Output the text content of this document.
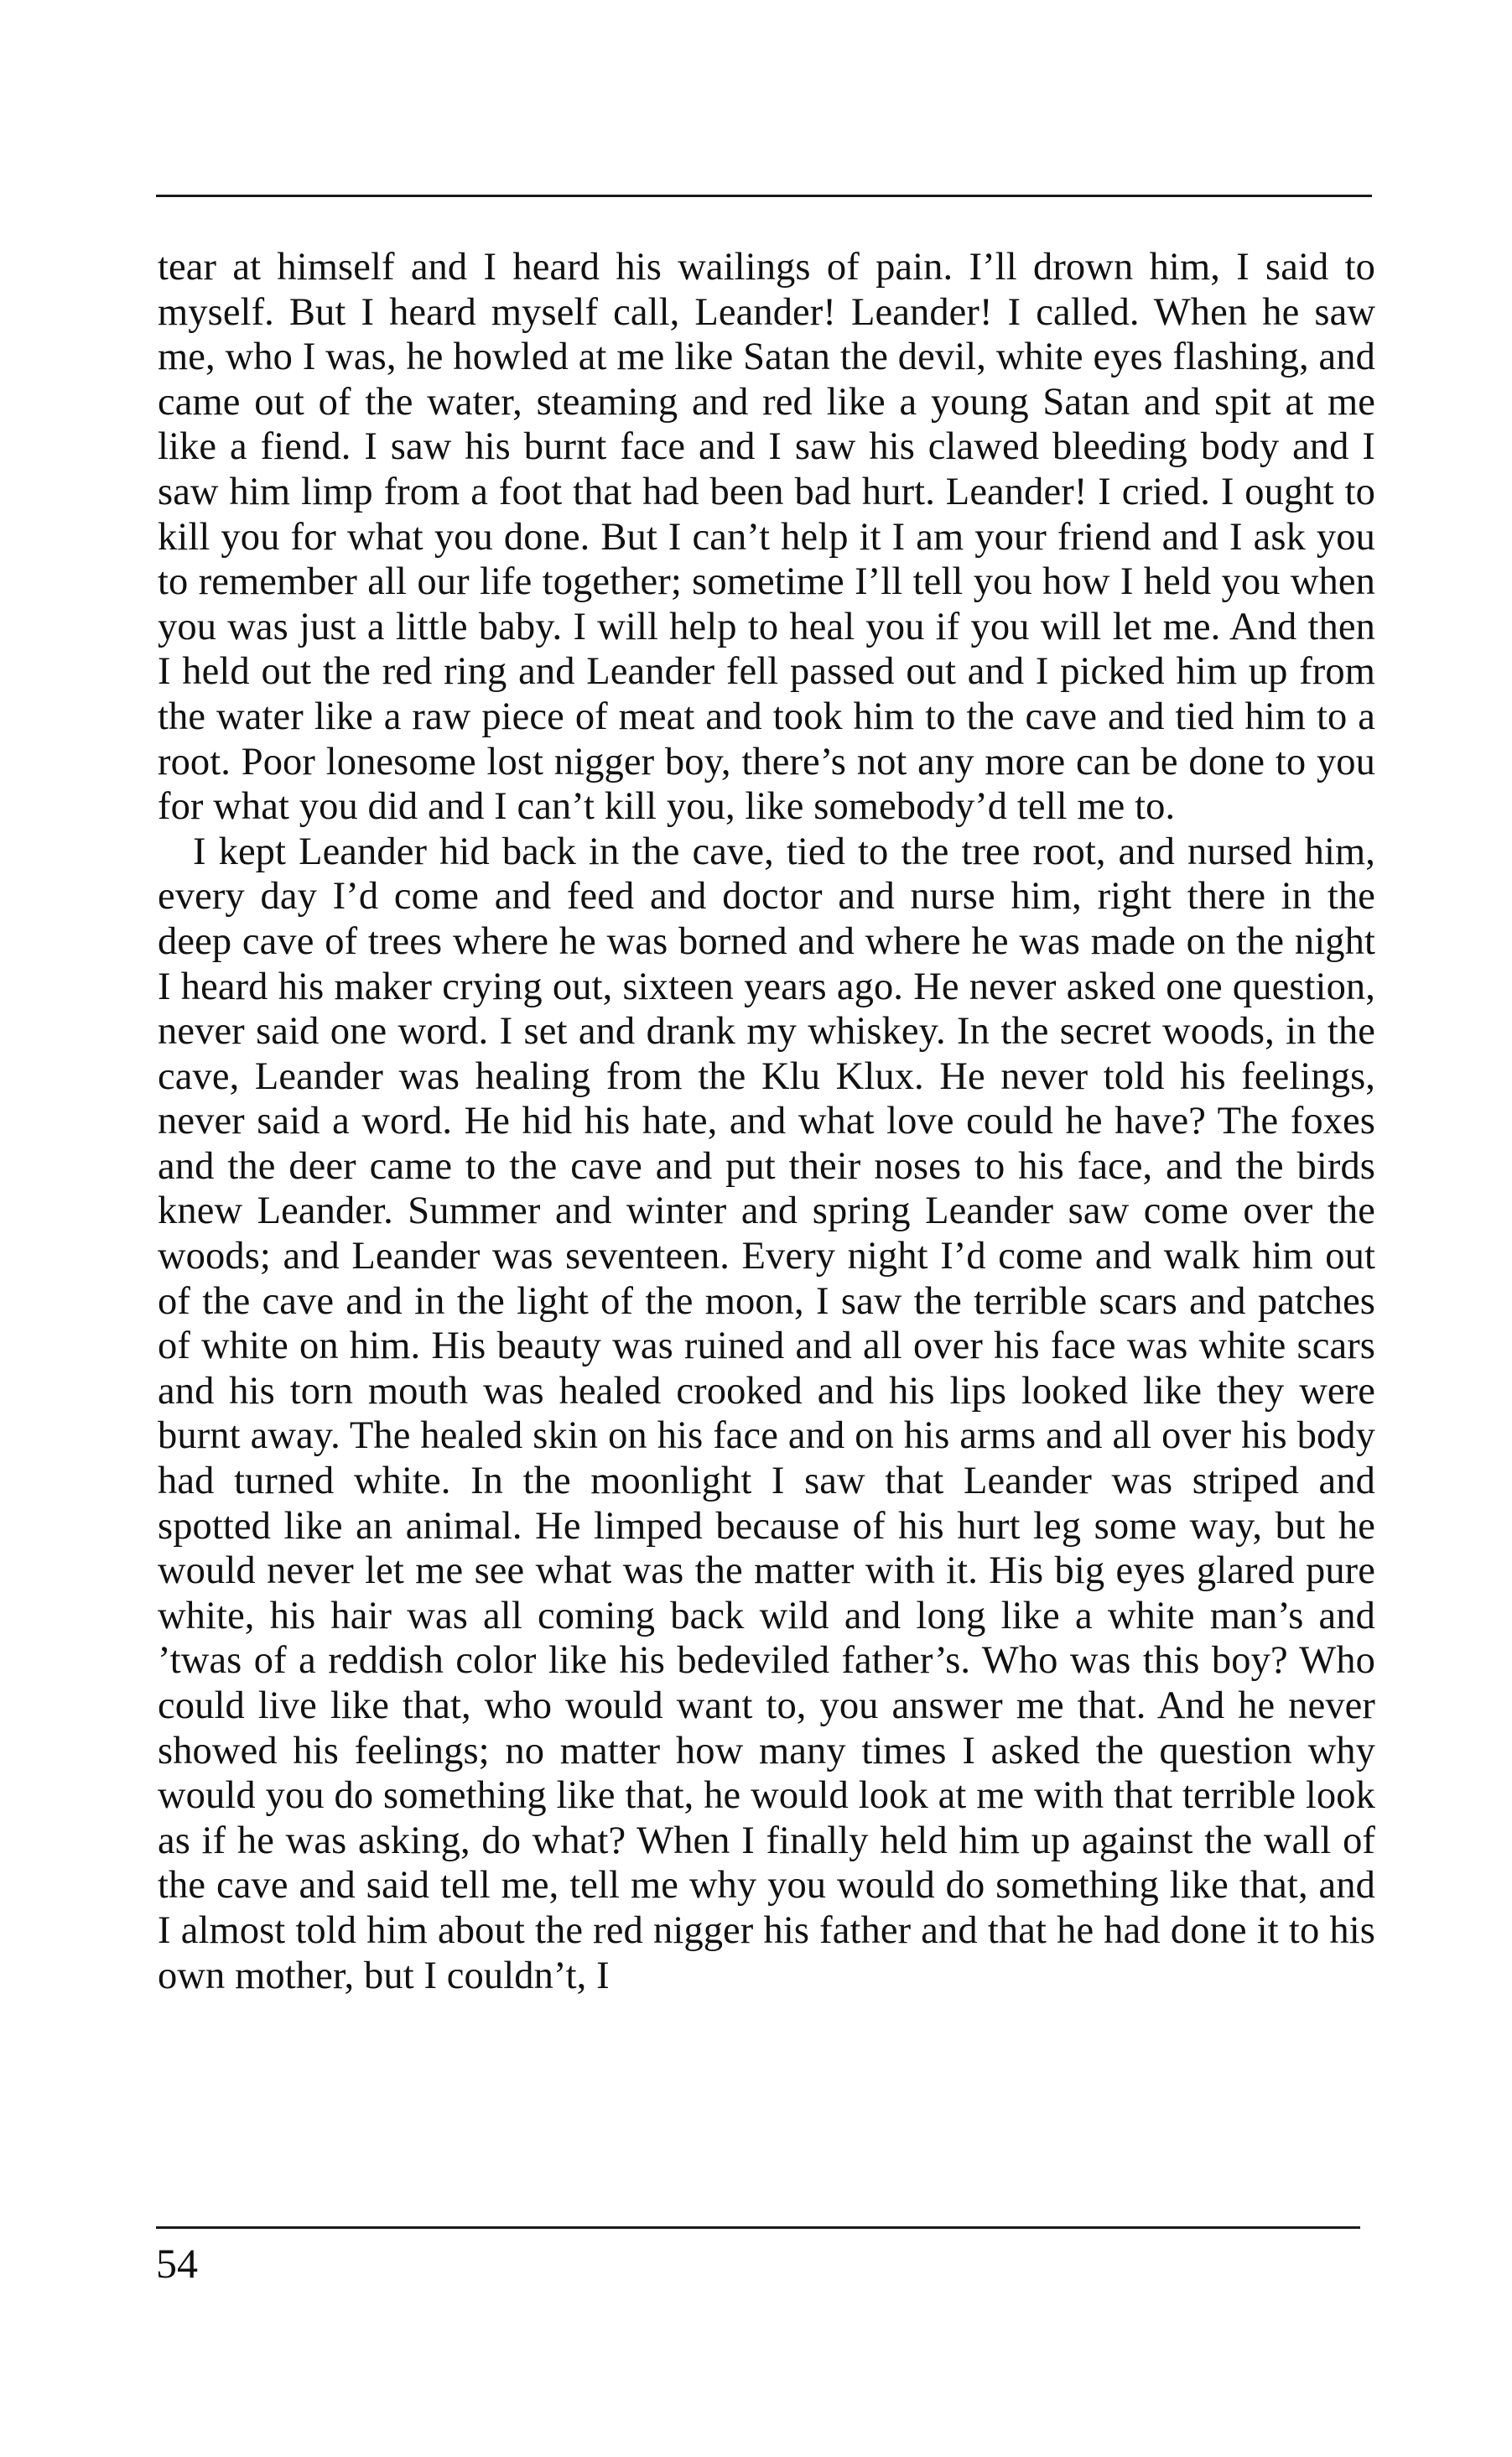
tear at himself and I heard his wailings of pain. I’ll drown him, I said to myself. But I heard myself call, Leander! Leander! I called. When he saw me, who I was, he howled at me like Satan the devil, white eyes flashing, and came out of the water, steaming and red like a young Satan and spit at me like a fiend. I saw his burnt face and I saw his clawed bleeding body and I saw him limp from a foot that had been bad hurt. Leander! I cried. I ought to kill you for what you done. But I can’t help it I am your friend and I ask you to remember all our life together; sometime I’ll tell you how I held you when you was just a little baby. I will help to heal you if you will let me. And then I held out the red ring and Leander fell passed out and I picked him up from the water like a raw piece of meat and took him to the cave and tied him to a root. Poor lonesome lost nigger boy, there’s not any more can be done to you for what you did and I can’t kill you, like somebody’d tell me to.

I kept Leander hid back in the cave, tied to the tree root, and nursed him, every day I’d come and feed and doctor and nurse him, right there in the deep cave of trees where he was borned and where he was made on the night I heard his maker crying out, sixteen years ago. He never asked one question, never said one word. I set and drank my whiskey. In the secret woods, in the cave, Leander was healing from the Klu Klux. He never told his feelings, never said a word. He hid his hate, and what love could he have? The foxes and the deer came to the cave and put their noses to his face, and the birds knew Leander. Summer and winter and spring Leander saw come over the woods; and Leander was seventeen. Every night I’d come and walk him out of the cave and in the light of the moon, I saw the terrible scars and patches of white on him. His beauty was ruined and all over his face was white scars and his torn mouth was healed crooked and his lips looked like they were burnt away. The healed skin on his face and on his arms and all over his body had turned white. In the moonlight I saw that Leander was striped and spotted like an animal. He limped because of his hurt leg some way, but he would never let me see what was the matter with it. His big eyes glared pure white, his hair was all coming back wild and long like a white man’s and ’twas of a reddish color like his bedeviled father’s. Who was this boy? Who could live like that, who would want to, you answer me that. And he never showed his feelings; no matter how many times I asked the question why would you do something like that, he would look at me with that terrible look as if he was asking, do what? When I finally held him up against the wall of the cave and said tell me, tell me why you would do something like that, and I almost told him about the red nigger his father and that he had done it to his own mother, but I couldn’t, I

54
